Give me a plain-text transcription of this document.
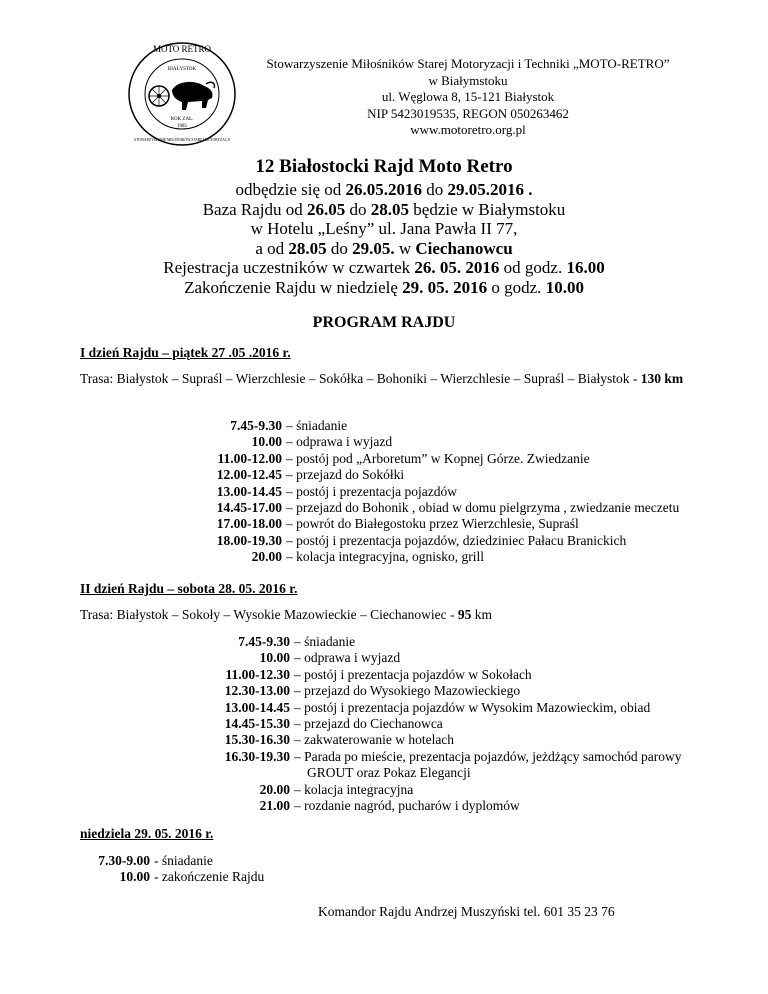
MOTO RETRO
BIAŁYSTOK
ROK ZAŁ.
1985
STOWARZYSZENIE MIŁOŚNIKÓW STAREJ MOTORYZACJI
Stowarzyszenie Miłośników Starej Motoryzacji i Techniki „MOTO-RETRO”
w Białymstoku
ul. Węglowa 8, 15-121 Białystok
NIP 5423019535, REGON 050263462
www.motoretro.org.pl
12 Białostocki Rajd Moto Retro
odbędzie się od 26.05.2016 do 29.05.2016 .
Baza Rajdu od 26.05 do 28.05 będzie w Białymstoku
w Hotelu „Leśny” ul. Jana Pawła II 77,
a od 28.05 do 29.05. w Ciechanowcu
Rejestracja uczestników w czwartek 26. 05. 2016 od godz. 16.00
Zakończenie Rajdu w niedzielę 29. 05. 2016 o godz. 10.00
PROGRAM RAJDU
I dzień Rajdu – piątek 27 .05 .2016 r.
Trasa: Białystok – Supraśl – Wierzchlesie – Sokółka – Bohoniki – Wierzchlesie – Supraśl – Białystok - 130 km
7.45-9.30 – śniadanie
10.00 – odprawa i wyjazd
11.00-12.00 – postój pod „Arboretum” w Kopnej Górze. Zwiedzanie
12.00-12.45 – przejazd do Sokółki
13.00-14.45 – postój i prezentacja pojazdów
14.45-17.00 – przejazd do Bohonik , obiad w domu pielgrzyma , zwiedzanie meczetu
17.00-18.00 – powrót do Białegostoku przez Wierzchlesie, Supraśl
18.00-19.30 – postój i prezentacja pojazdów, dziedziniec Pałacu Branickich
20.00 – kolacja integracyjna, ognisko, grill
II dzień Rajdu – sobota 28. 05. 2016 r.
Trasa: Białystok – Sokoły – Wysokie Mazowieckie – Ciechanowiec - 95 km
7.45-9.30 – śniadanie
10.00 – odprawa i wyjazd
11.00-12.30 – postój i prezentacja pojazdów w Sokołach
12.30-13.00 – przejazd do Wysokiego Mazowieckiego
13.00-14.45 – postój i prezentacja pojazdów w Wysokim Mazowieckim, obiad
14.45-15.30 – przejazd do Ciechanowca
15.30-16.30 – zakwaterowanie w hotelach
16.30-19.30 – Parada po mieście, prezentacja pojazdów, jeżdżący samochód parowy
GROUT oraz Pokaz Elegancji
20.00 – kolacja integracyjna
21.00 – rozdanie nagród, pucharów i dyplomów
niedziela 29. 05. 2016 r.
7.30-9.00 - śniadanie
10.00 - zakończenie Rajdu
Komandor Rajdu Andrzej Muszyński tel. 601 35 23 76
